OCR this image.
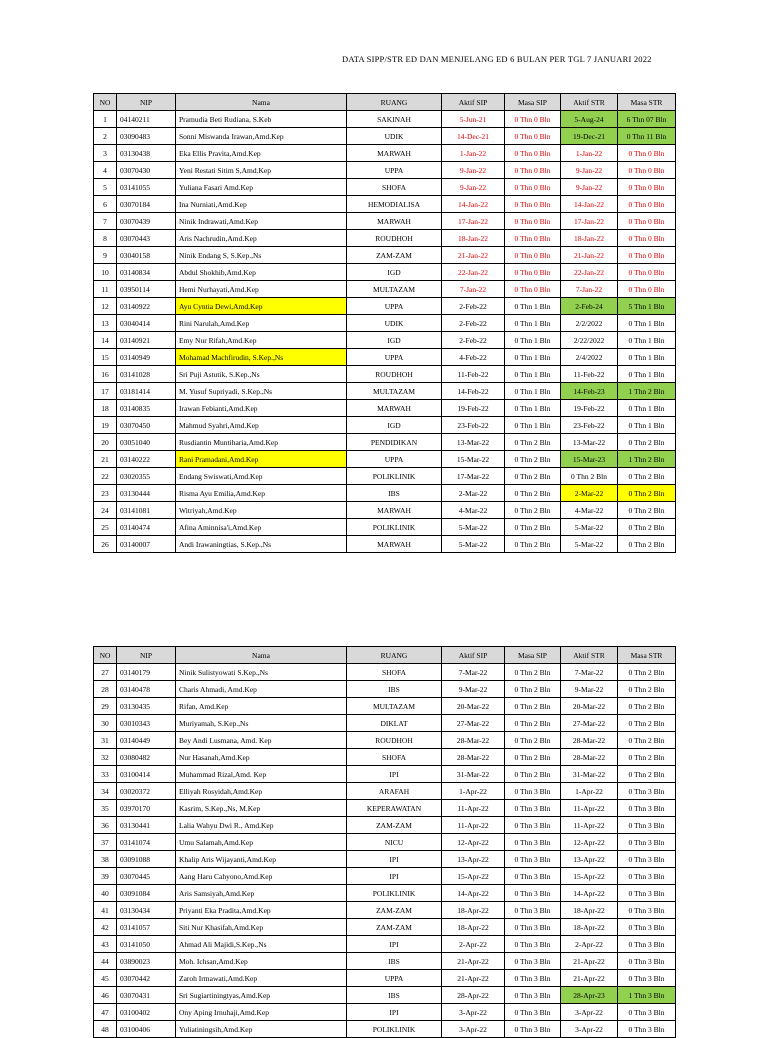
DATA SIPP/STR ED DAN MENJELANG ED 6 BULAN PER TGL 7 JANUARI 2022
NO	NIP	Nama	RUANG	Aktif SIP	Masa SIP	Aktif STR	Masa STR
1	04140211	Pramudia Beti Rudiana, S.Keb	SAKINAH	5-Jun-21	0 Thn 0 Bln	5-Aug-24	6 Thn 07 Bln
2	03090483	Sonni Miswanda Irawan,Amd.Kep	UDIK	14-Dec-21	0 Thn 0 Bln	19-Dec-21	0 Thn 11 Bln
3	03130438	Eka Ellis Pravita,Amd.Kep	MARWAH	1-Jan-22	0 Thn 0 Bln	1-Jan-22	0 Thn 0 Bln
4	03070430	Yeni Restati Sitim S,Amd.Kep	UPPA	9-Jan-22	0 Thn 0 Bln	9-Jan-22	0 Thn 0 Bln
5	03141055	Yuliana Fasari Amd.Kep	SHOFA	9-Jan-22	0 Thn 0 Bln	9-Jan-22	0 Thn 0 Bln
6	03070184	Ina Nurniati,Amd.Kep	HEMODIALISA	14-Jan-22	0 Thn 0 Bln	14-Jan-22	0 Thn 0 Bln
7	03070439	Ninik Indrawati,Amd.Kep	MARWAH	17-Jan-22	0 Thn 0 Bln	17-Jan-22	0 Thn 0 Bln
8	03070443	Aris Nachrudin,Amd.Kep	ROUDHOH	18-Jan-22	0 Thn 0 Bln	18-Jan-22	0 Thn 0 Bln
9	03040158	Ninik Endang S, S.Kep.,Ns	ZAM-ZAM	21-Jan-22	0 Thn 0 Bln	21-Jan-22	0 Thn 0 Bln
10	03140834	Abdul Shokhib,Amd.Kep	IGD	22-Jan-22	0 Thn 0 Bln	22-Jan-22	0 Thn 0 Bln
11	03950114	Hemi Nurhayati,Amd.Kep	MULTAZAM	7-Jan-22	0 Thn 0 Bln	7-Jan-22	0 Thn 0 Bln
12	03140922	Ayu Cyntia Dewi,Amd.Kep	UPPA	2-Feb-22	0 Thn 1 Bln	2-Feb-24	5 Thn 1 Bln
13	03040414	Rini Narulah,Amd.Kep	UDIK	2-Feb-22	0 Thn 1 Bln	2/2/2022	0 Thn 1 Bln
14	03140921	Emy Nur Rifah,Amd.Kep	IGD	2-Feb-22	0 Thn 1 Bln	2/22/2022	0 Thn 1 Bln
15	03140949	Mohamad Machfirudin, S.Kep.,Ns	UPPA	4-Feb-22	0 Thn 1 Bln	2/4/2022	0 Thn 1 Bln
16	03141028	Sri Puji Astutik, S.Kep.,Ns	ROUDHOH	11-Feb-22	0 Thn 1 Bln	11-Feb-22	0 Thn 1 Bln
17	03181414	M. Yusuf Supriyadi, S.Kep.,Ns	MULTAZAM	14-Feb-22	0 Thn 1 Bln	14-Feb-23	1 Thn 2 Bln
18	03140835	Irawan Febianti,Amd.Kep	MARWAH	19-Feb-22	0 Thn 1 Bln	19-Feb-22	0 Thn 1 Bln
19	03070450	Mahmud Syahri,Amd.Kep	IGD	23-Feb-22	0 Thn 1 Bln	23-Feb-22	0 Thn 1 Bln
20	03051040	Rusdiantin Muntiharia,Amd.Kep	PENDIDIKAN	13-Mar-22	0 Thn 2 Bln	13-Mar-22	0 Thn 2 Bln
21	03140222	Rani Pramadani,Amd.Kep	UPPA	15-Mar-22	0 Thn 2 Bln	15-Mar-23	1 Thn 2 Bln
22	03020355	Endang Swiswati,Amd.Kep	POLIKLINIK	17-Mar-22	0 Thn 2 Bln	0 Thn 2 Bln	0 Thn 2 Bln
23	03130444	Risma Ayu Emilia,Amd.Kep	IBS	2-Mar-22	0 Thn 2 Bln	2-Mar-22	0 Thn 2 Bln
24	03141081	Witriyah,Amd.Kep	MARWAH	4-Mar-22	0 Thn 2 Bln	4-Mar-22	0 Thn 2 Bln
25	03140474	Afina Aminnisa'i,Amd.Kep	POLIKLINIK	5-Mar-22	0 Thn 2 Bln	5-Mar-22	0 Thn 2 Bln
26	03140007	Andi Irawaningtias, S.Kep.,Ns	MARWAH	5-Mar-22	0 Thn 2 Bln	5-Mar-22	0 Thn 2 Bln
NO	NIP	Nama	RUANG	Aktif SIP	Masa SIP	Aktif STR	Masa STR
27	03140179	Ninik Sulistyowati S.Kep.,Ns	SHOFA	7-Mar-22	0 Thn 2 Bln	7-Mar-22	0 Thn 2 Bln
28	03140478	Charis Ahmadi, Amd.Kep	IBS	9-Mar-22	0 Thn 2 Bln	9-Mar-22	0 Thn 2 Bln
29	03130435	Rifan, Amd.Kep	MULTAZAM	20-Mar-22	0 Thn 2 Bln	20-Mar-22	0 Thn 2 Bln
30	03010343	Muriyamah, S.Kep.,Ns	DIKLAT	27-Mar-22	0 Thn 2 Bln	27-Mar-22	0 Thn 2 Bln
31	03140449	Bey Andi Lusmana, Amd. Kep	ROUDHOH	28-Mar-22	0 Thn 2 Bln	28-Mar-22	0 Thn 2 Bln
32	03080482	Nur Hasanah,Amd.Kep	SHOFA	28-Mar-22	0 Thn 2 Bln	28-Mar-22	0 Thn 2 Bln
33	03100414	Muhammad Rizal,Amd. Kep	IPI	31-Mar-22	0 Thn 2 Bln	31-Mar-22	0 Thn 2 Bln
34	03020372	Elliyah Rosyidah,Amd.Kep	ARAFAH	1-Apr-22	0 Thn 3 Bln	1-Apr-22	0 Thn 3 Bln
35	03970170	Kasrim, S.Kep.,Ns, M.Kep	KEPERAWATAN	11-Apr-22	0 Thn 3 Bln	11-Apr-22	0 Thn 3 Bln
36	03130441	Lalia Wahyu Dwi R., Amd.Kep	ZAM-ZAM	11-Apr-22	0 Thn 3 Bln	11-Apr-22	0 Thn 3 Bln
37	03141074	Umu Salamah,Amd.Kep	NICU	12-Apr-22	0 Thn 3 Bln	12-Apr-22	0 Thn 3 Bln
38	03091088	Khalip Aris Wijayanti,Amd.Kep	IPI	13-Apr-22	0 Thn 3 Bln	13-Apr-22	0 Thn 3 Bln
39	03070445	Aang Haru Cahyono,Amd.Kep	IPI	15-Apr-22	0 Thn 3 Bln	15-Apr-22	0 Thn 3 Bln
40	03091084	Aris Samsiyah,Amd.Kep	POLIKLINIK	14-Apr-22	0 Thn 3 Bln	14-Apr-22	0 Thn 3 Bln
41	03130434	Priyanti Eka Pradita,Amd.Kep	ZAM-ZAM	18-Apr-22	0 Thn 3 Bln	18-Apr-22	0 Thn 3 Bln
42	03141057	Siti Nur Khasifah,Amd.Kep	ZAM-ZAM	18-Apr-22	0 Thn 3 Bln	18-Apr-22	0 Thn 3 Bln
43	03141050	Ahmad Ali Majidi,S.Kep.,Ns	IPI	2-Apr-22	0 Thn 3 Bln	2-Apr-22	0 Thn 3 Bln
44	03890023	Moh. Ichsan,Amd.Kep	IBS	21-Apr-22	0 Thn 3 Bln	21-Apr-22	0 Thn 3 Bln
45	03070442	Zaroh Irmawati,Amd.Kep	UPPA	21-Apr-22	0 Thn 3 Bln	21-Apr-22	0 Thn 3 Bln
46	03070431	Sri Sugiartiningtyas,Amd.Kep	IBS	28-Apr-22	0 Thn 3 Bln	28-Apr-23	1 Thn 3 Bln
47	03100402	Ony Aping Irnuhaji,Amd.Kep	IPI	3-Apr-22	0 Thn 3 Bln	3-Apr-22	0 Thn 3 Bln
48	03100406	Yuliatiningsih,Amd.Kep	POLIKLINIK	3-Apr-22	0 Thn 3 Bln	3-Apr-22	0 Thn 3 Bln
